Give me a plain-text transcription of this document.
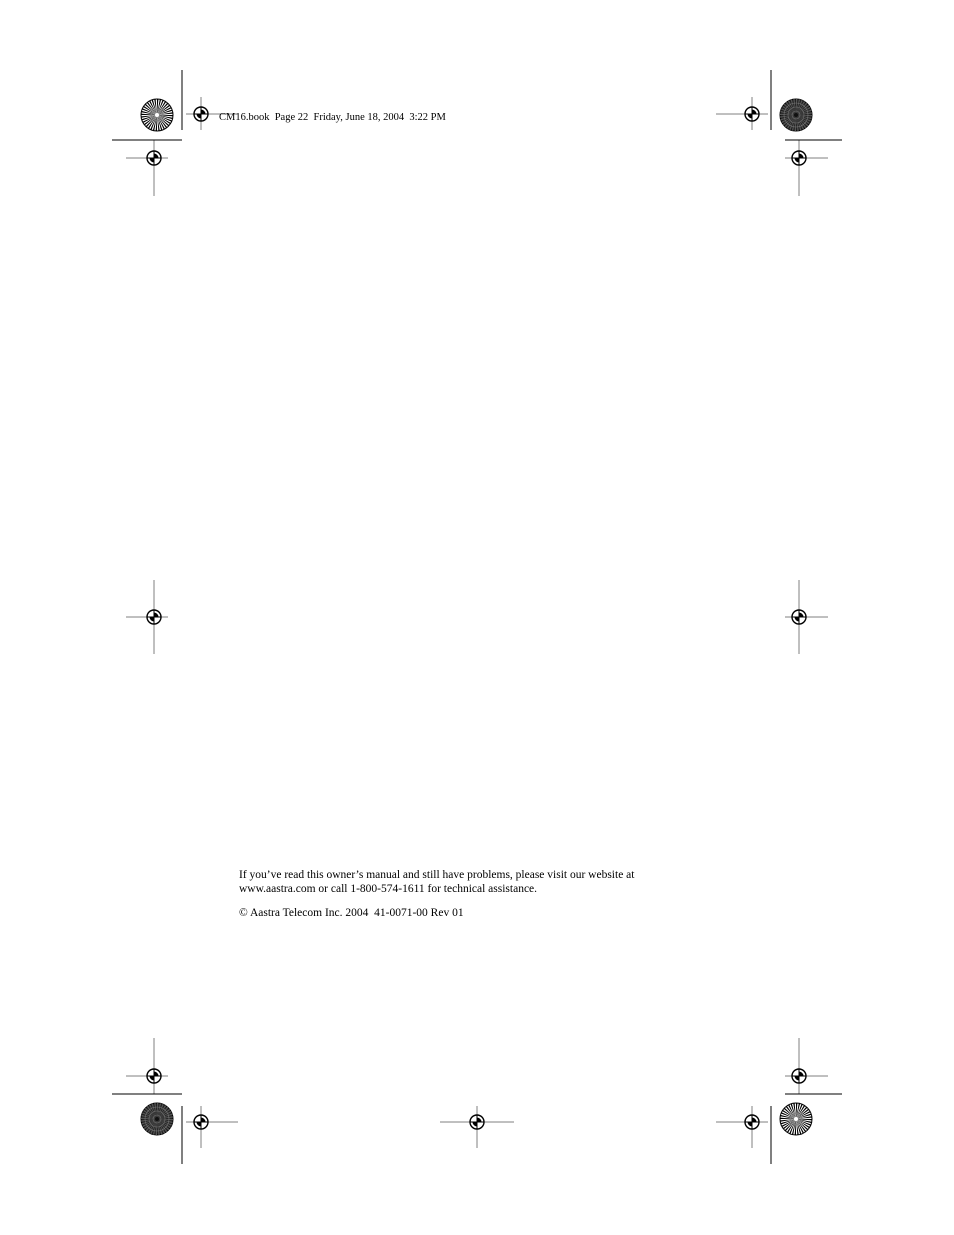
CM16.book  Page 22  Friday, June 18, 2004  3:22 PM

If you’ve read this owner’s manual and still have problems, please visit our website at

www.aastra.com or call 1-800-574-1611 for technical assistance.

© Aastra Telecom Inc. 2004  41-0071-00 Rev 01
